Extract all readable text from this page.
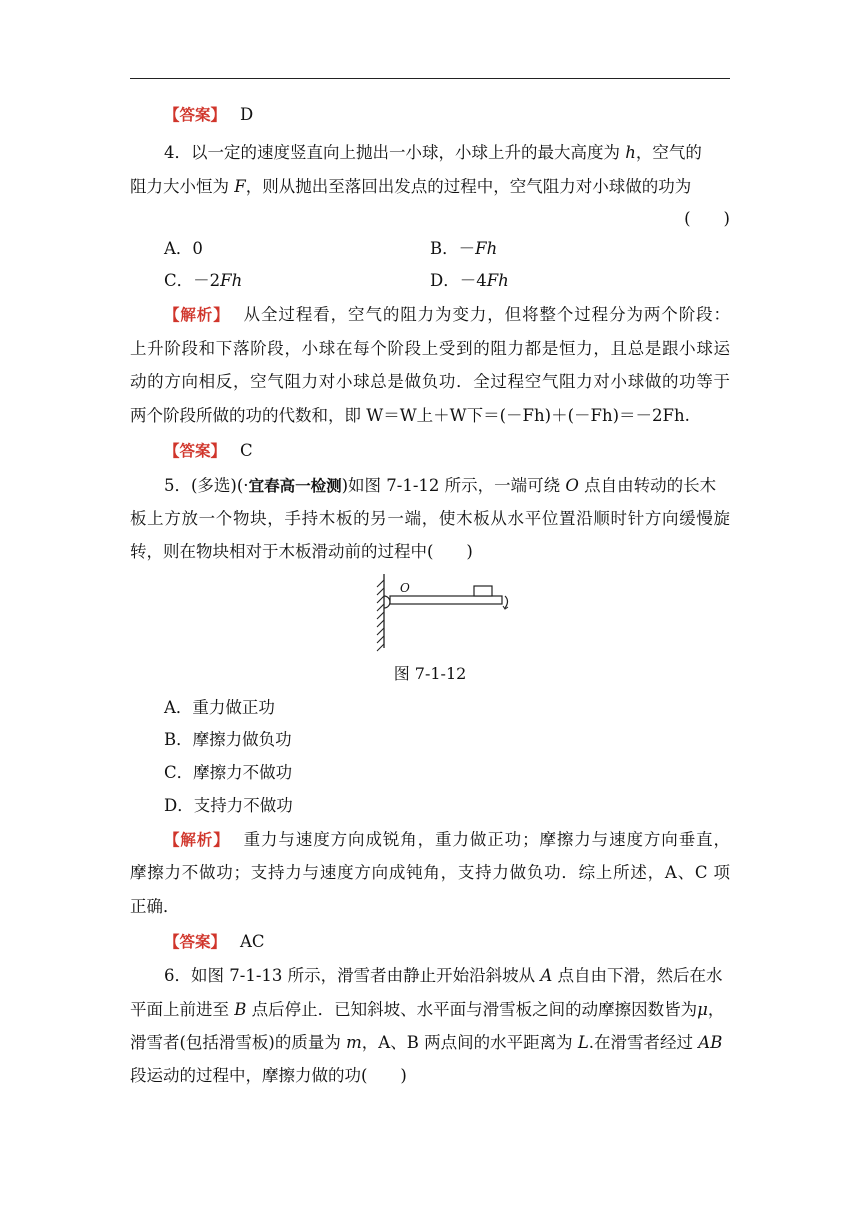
【答案】 D
4．以一定的速度竖直向上抛出一小球，小球上升的最大高度为 h，空气的
阻力大小恒为 F，则从抛出至落回出发点的过程中，空气阻力对小球做的功为
(　　)
A．0	B．－Fh
C．－2Fh	D．－4Fh
【解析】 从全过程看，空气的阻力为变力，但将整个过程分为两个阶段：
上升阶段和下落阶段，小球在每个阶段上受到的阻力都是恒力，且总是跟小球运
动的方向相反，空气阻力对小球总是做负功．全过程空气阻力对小球做的功等于
两个阶段所做的功的代数和，即 W＝W上＋W下＝(－Fh)＋(－Fh)＝－2Fh.
【答案】 C
5．(多选)(·宜春高一检测)如图 7-1-12 所示，一端可绕 O 点自由转动的长木
板上方放一个物块，手持木板的另一端，使木板从水平位置沿顺时针方向缓慢旋
转，则在物块相对于木板滑动前的过程中(　　)
O
图 7-1-12
A．重力做正功
B．摩擦力做负功
C．摩擦力不做功
D．支持力不做功
【解析】 重力与速度方向成锐角，重力做正功；摩擦力与速度方向垂直，
摩擦力不做功；支持力与速度方向成钝角，支持力做负功．综上所述，A、C 项
正确．
【答案】 AC
6．如图 7-1-13 所示，滑雪者由静止开始沿斜坡从 A 点自由下滑，然后在水
平面上前进至 B 点后停止．已知斜坡、水平面与滑雪板之间的动摩擦因数皆为μ，
滑雪者(包括滑雪板)的质量为 m，A、B 两点间的水平距离为 L.在滑雪者经过 AB
段运动的过程中，摩擦力做的功(　　)
